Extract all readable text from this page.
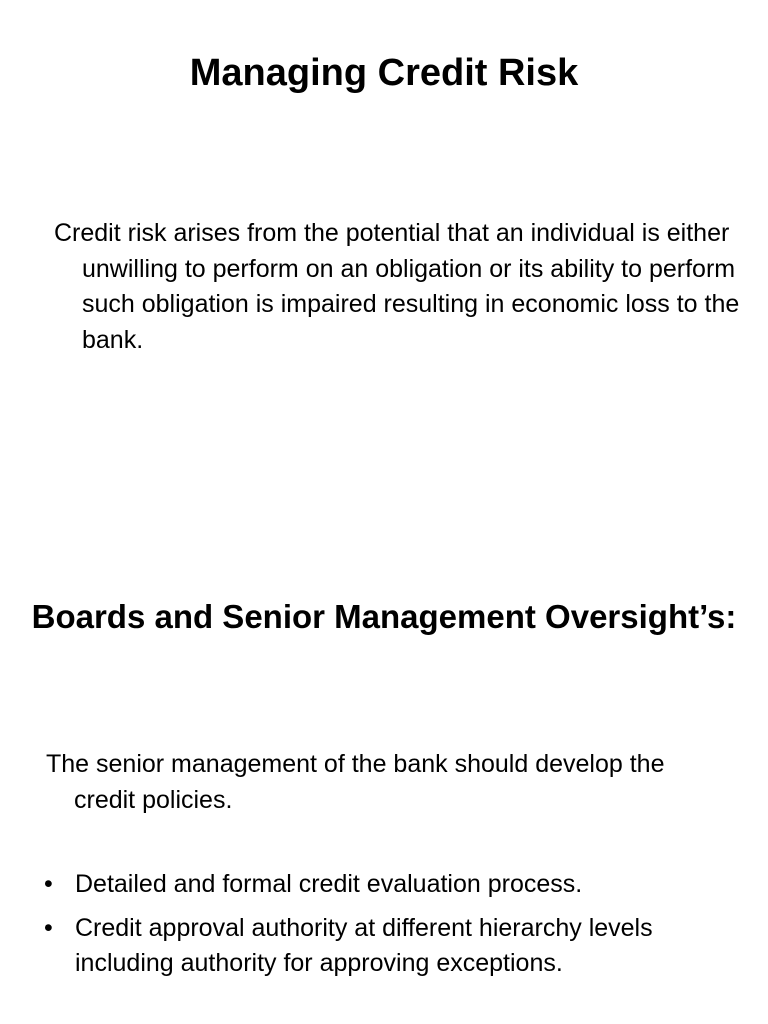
Managing Credit Risk

Credit risk arises from the potential that an individual is either unwilling to perform on an obligation or its ability to perform such obligation is impaired resulting in economic loss to the bank.

Boards and Senior Management Oversight’s:

The senior management of the bank should develop the credit policies.

• Detailed and formal credit evaluation process.
• Credit approval authority at different hierarchy levels including authority for approving exceptions.
